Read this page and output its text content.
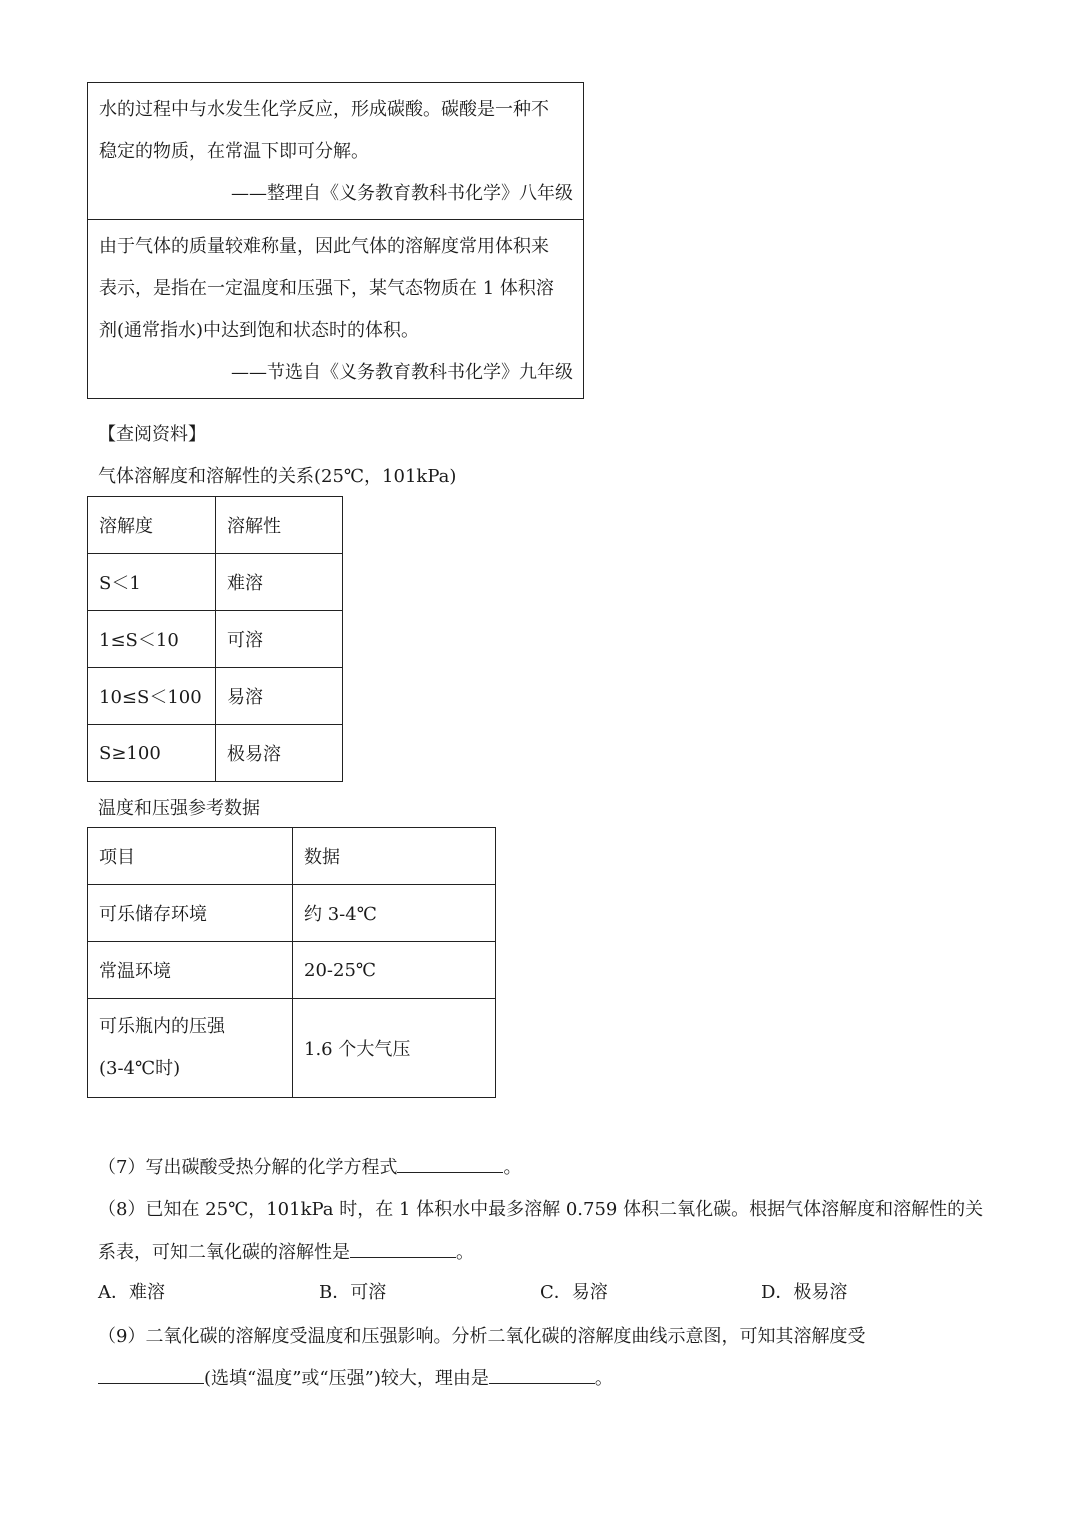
水的过程中与水发生化学反应，形成碳酸。碳酸是一种不
稳定的物质，在常温下即可分解。
——整理自《义务教育教科书化学》八年级
由于气体的质量较难称量，因此气体的溶解度常用体积来
表示，是指在一定温度和压强下，某气态物质在 1 体积溶
剂(通常指水)中达到饱和状态时的体积。
——节选自《义务教育教科书化学》九年级
【查阅资料】
气体溶解度和溶解性的关系(25℃，101kPa)
溶解度	溶解性
S＜1	难溶
1≤S＜10	可溶
10≤S＜100	易溶
S≥100	极易溶
温度和压强参考数据
项目	数据
可乐储存环境	约 3-4℃
常温环境	20-25℃

可乐瓶内的压强
(3-4℃时)	1.6 个大气压
（7）写出碳酸受热分解的化学方程式	。
（8）已知在 25℃，101kPa 时，在 1 体积水中最多溶解 0.759 体积二氧化碳。根据气体溶解度和溶解性的关
系表，可知二氧化碳的溶解性是	。
A．难溶	B．可溶	C．易溶	D．极易溶
（9）二氧化碳的溶解度受温度和压强影响。分析二氧化碳的溶解度曲线示意图，可知其溶解度受
(选填“温度”或“压强”)较大，理由是	。
